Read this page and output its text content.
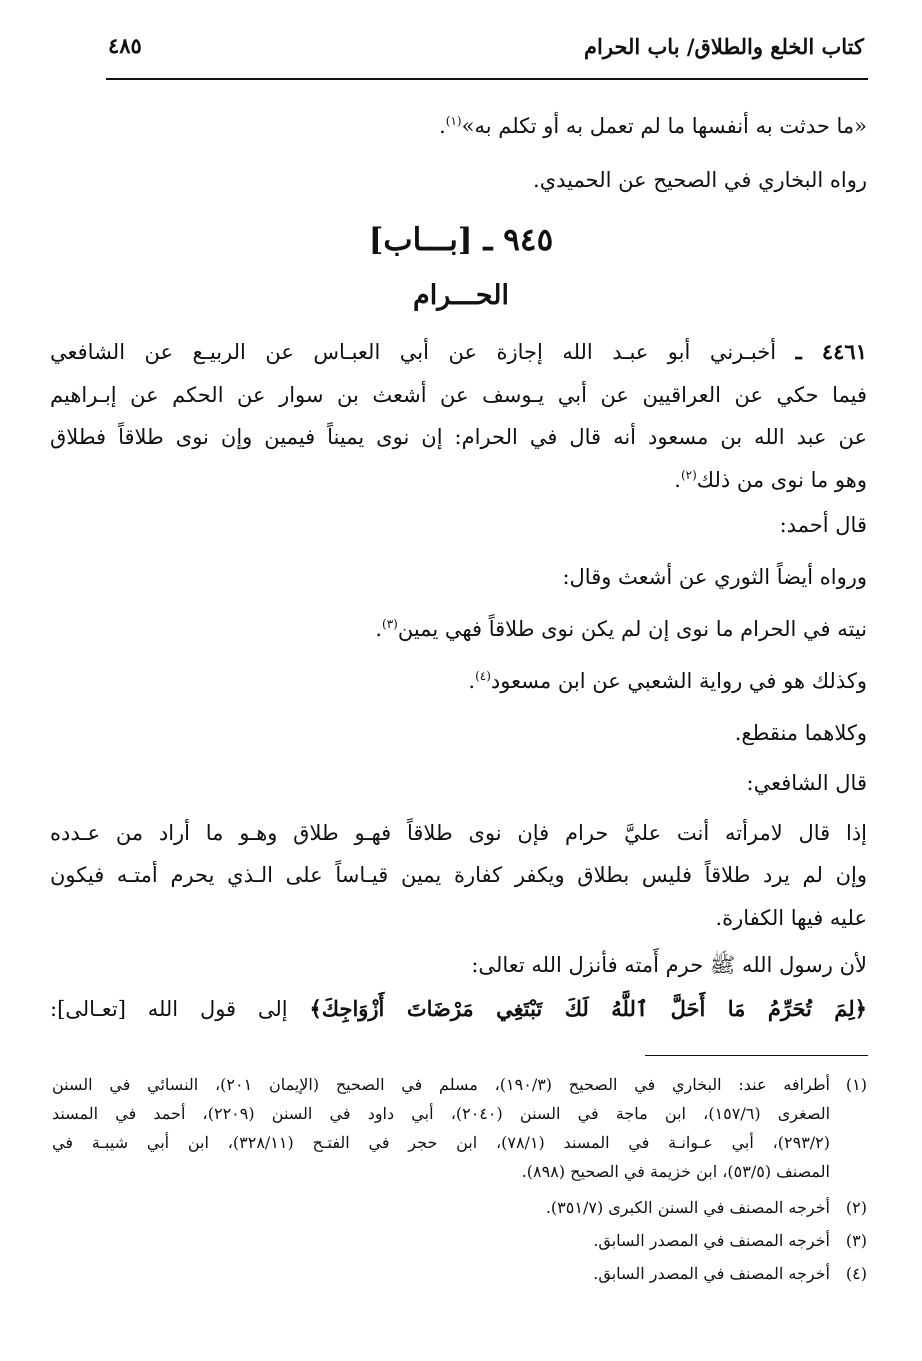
كتاب الخلع والطلاق/ باب الحرام
٤٨٥
«ما حدثت به أنفسها ما لم تعمل به أو تكلم به»$^{(١)}$.
رواه البخاري في الصحيح عن الحميدي.
٩٤٥ ـ [بـــاب]
الحـــرام
٤٤٦١ ـ أخبـرني أبو عبـد الله إجازة عن أبي العبـاس عن الربيـع عن الشافعي
فيما حكي عن العراقيين عن أبي يـوسف عن أشعث بن سوار عن الحكم عن إبـراهيم
عن عبد الله بن مسعود أنه قال في الحرام: إن نوى يميناً فيمين وإن نوى طلاقاً فطلاق
وهو ما نوى من ذلك$^{(٢)}$.
قال أحمد:
ورواه أيضاً الثوري عن أشعث وقال:
نيته في الحرام ما نوى إن لم يكن نوى طلاقاً فهي يمين$^{(٣)}$.
وكذلك هو في رواية الشعبي عن ابن مسعود$^{(٤)}$.
وكلاهما منقطع.
قال الشافعي:
إذا قال لامرأته أنت عليَّ حرام فإن نوى طلاقاً فهـو طلاق وهـو ما أراد من عـدده
وإن لم يرد طلاقاً فليس بطلاق ويكفر كفارة يمين قيـاساً على الـذي يحرم أمتـه فيكون
عليه فيها الكفارة.
لأن رسول الله ﷺ حرم أَمته فأنزل الله تعالى:
﴿لِمَ تُحَرِّمُ مَا أَحَلَّ ٱللَّهُ لَكَ تَبْتَغِي مَرْضَاتَ أَزْوَاجِكَ﴾ إلى قول الله [تعـالى]:
(١)أطرافه عند: البخاري في الصحيح (١٩٠/٣)، مسلم في الصحيح (الإيمان ٢٠١)، النسائي في السنن
الصغرى (١٥٧/٦)، ابن ماجة في السنن (٢٠٤٠)، أبي داود في السنن (٢٢٠٩)، أحمد في المسند
(٢٩٣/٢)، أبي عـوانـة في المسند (٧٨/١)، ابن حجر في الفتـح (٣٢٨/١١)، ابن أبي شيبـة في
المصنف (٥٣/٥)، ابن خزيمة في الصحيح (٨٩٨).
(٢)أخرجه المصنف في السنن الكبرى (٣٥١/٧).
(٣)أخرجه المصنف في المصدر السابق.
(٤)أخرجه المصنف في المصدر السابق.
